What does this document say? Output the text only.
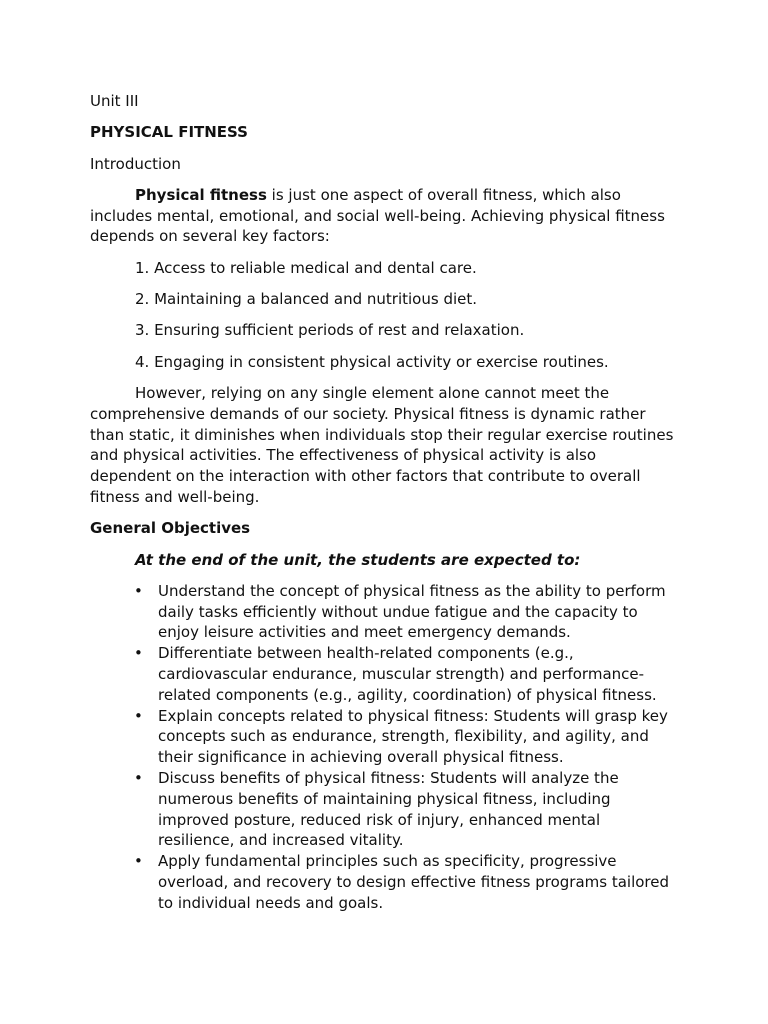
Unit III

PHYSICAL FITNESS

Introduction

Physical fitness is just one aspect of overall fitness, which also includes mental, emotional, and social well-being. Achieving physical fitness depends on several key factors:

1. Access to reliable medical and dental care.

2. Maintaining a balanced and nutritious diet.

3. Ensuring sufficient periods of rest and relaxation.

4. Engaging in consistent physical activity or exercise routines.

However, relying on any single element alone cannot meet the comprehensive demands of our society. Physical fitness is dynamic rather than static, it diminishes when individuals stop their regular exercise routines and physical activities. The effectiveness of physical activity is also dependent on the interaction with other factors that contribute to overall fitness and well-being.

General Objectives

At the end of the unit, the students are expected to:

• Understand the concept of physical fitness as the ability to perform daily tasks efficiently without undue fatigue and the capacity to enjoy leisure activities and meet emergency demands.
• Differentiate between health-related components (e.g., cardiovascular endurance, muscular strength) and performance-related components (e.g., agility, coordination) of physical fitness.
• Explain concepts related to physical fitness: Students will grasp key concepts such as endurance, strength, flexibility, and agility, and their significance in achieving overall physical fitness.
• Discuss benefits of physical fitness: Students will analyze the numerous benefits of maintaining physical fitness, including improved posture, reduced risk of injury, enhanced mental resilience, and increased vitality.
• Apply fundamental principles such as specificity, progressive overload, and recovery to design effective fitness programs tailored to individual needs and goals.
